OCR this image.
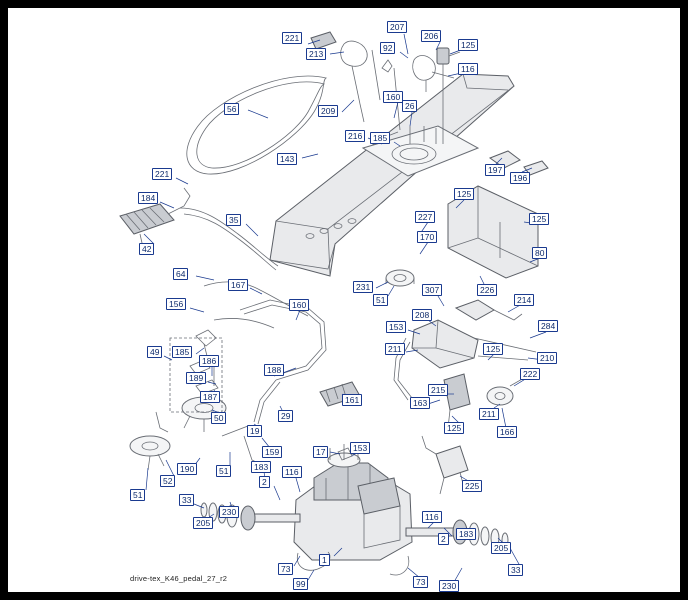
221
213
207
92
206
125
116
56	209
160
26
216	185
143
197
196
221
184	125
227	125
35
170
42	80
64
167	231	226
51
307
214
160
156
208
284
153
49	211
210
125
185
186
188
189	222
161
187
215
163
211
50
19
29
125	166
159	17	153
190	51	183	116
2
52	225
51	33
205
230	116
183
2
205
33
1
73
99	73	230
drive-tex_K46_pedal_27_r2
